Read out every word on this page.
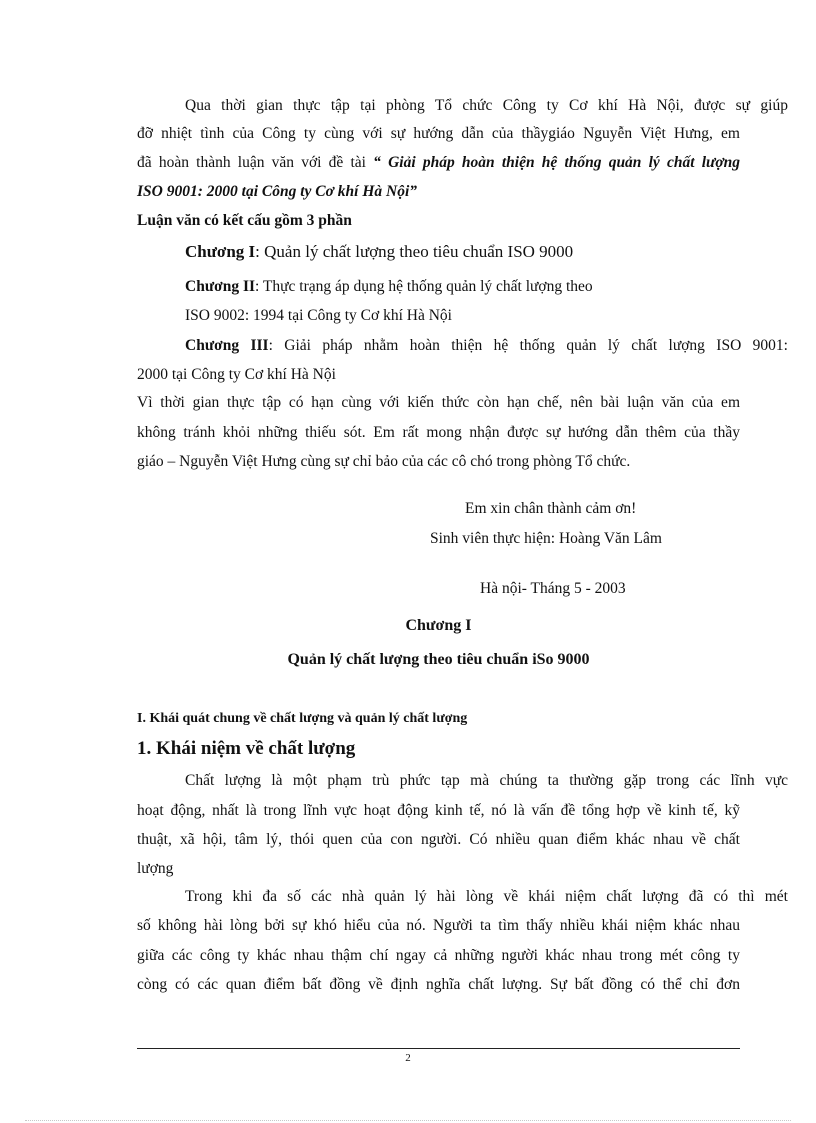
Qua thời gian thực tập tại phòng Tổ chức Công ty Cơ khí Hà Nội, được sự giúp
đỡ nhiệt tình của Công ty cùng với sự hướng dẫn của thầygiáo Nguyễn Việt Hưng, em
đã hoàn thành luận văn với đề tài “ Giải pháp hoàn thiện hệ thống quản lý chất lượng
ISO 9001: 2000 tại Công ty Cơ khí Hà Nội”
Luận văn có kết cấu gồm 3 phần
Chương I: Quản lý chất lượng theo tiêu chuẩn ISO 9000
Chương II: Thực trạng áp dụng hệ thống quản lý chất lượng theo
ISO 9002: 1994 tại Công ty Cơ khí Hà Nội
Chương III: Giải pháp nhằm hoàn thiện hệ thống quản lý chất lượng ISO 9001:
2000 tại Công ty Cơ khí Hà Nội
Vì thời gian thực tập có hạn cùng với kiến thức còn hạn chế, nên bài luận văn của em
không tránh khỏi những thiếu sót. Em rất mong nhận được sự hướng dẫn thêm của thầy
giáo – Nguyễn Việt Hưng cùng sự chỉ bảo của các cô chó trong phòng Tổ chức.
Em xin chân thành cảm ơn!
Sinh viên thực hiện: Hoàng Văn Lâm
Hà nội- Tháng 5 - 2003
Chương I
Quản lý chất lượng theo tiêu chuẩn iSo 9000
I. Khái quát chung về chất lượng và quản lý chất lượng
1. Khái niệm về chất lượng
Chất lượng là một phạm trù phức tạp mà chúng ta thường gặp trong các lĩnh vực
hoạt động, nhất là trong lĩnh vực hoạt động kinh tế, nó là vấn đề tổng hợp về kinh tế, kỹ
thuật, xã hội, tâm lý, thói quen của con người. Có nhiều quan điểm khác nhau về chất
lượng
Trong khi đa số các nhà quản lý hài lòng về khái niệm chất lượng đã có thì mét
số không hài lòng bởi sự khó hiểu của nó. Người ta tìm thấy nhiều khái niệm khác nhau
giữa các công ty khác nhau thậm chí ngay cả những người khác nhau trong mét công ty
còng có các quan điểm bất đồng về định nghĩa chất lượng. Sự bất đồng có thể chỉ đơn
2
